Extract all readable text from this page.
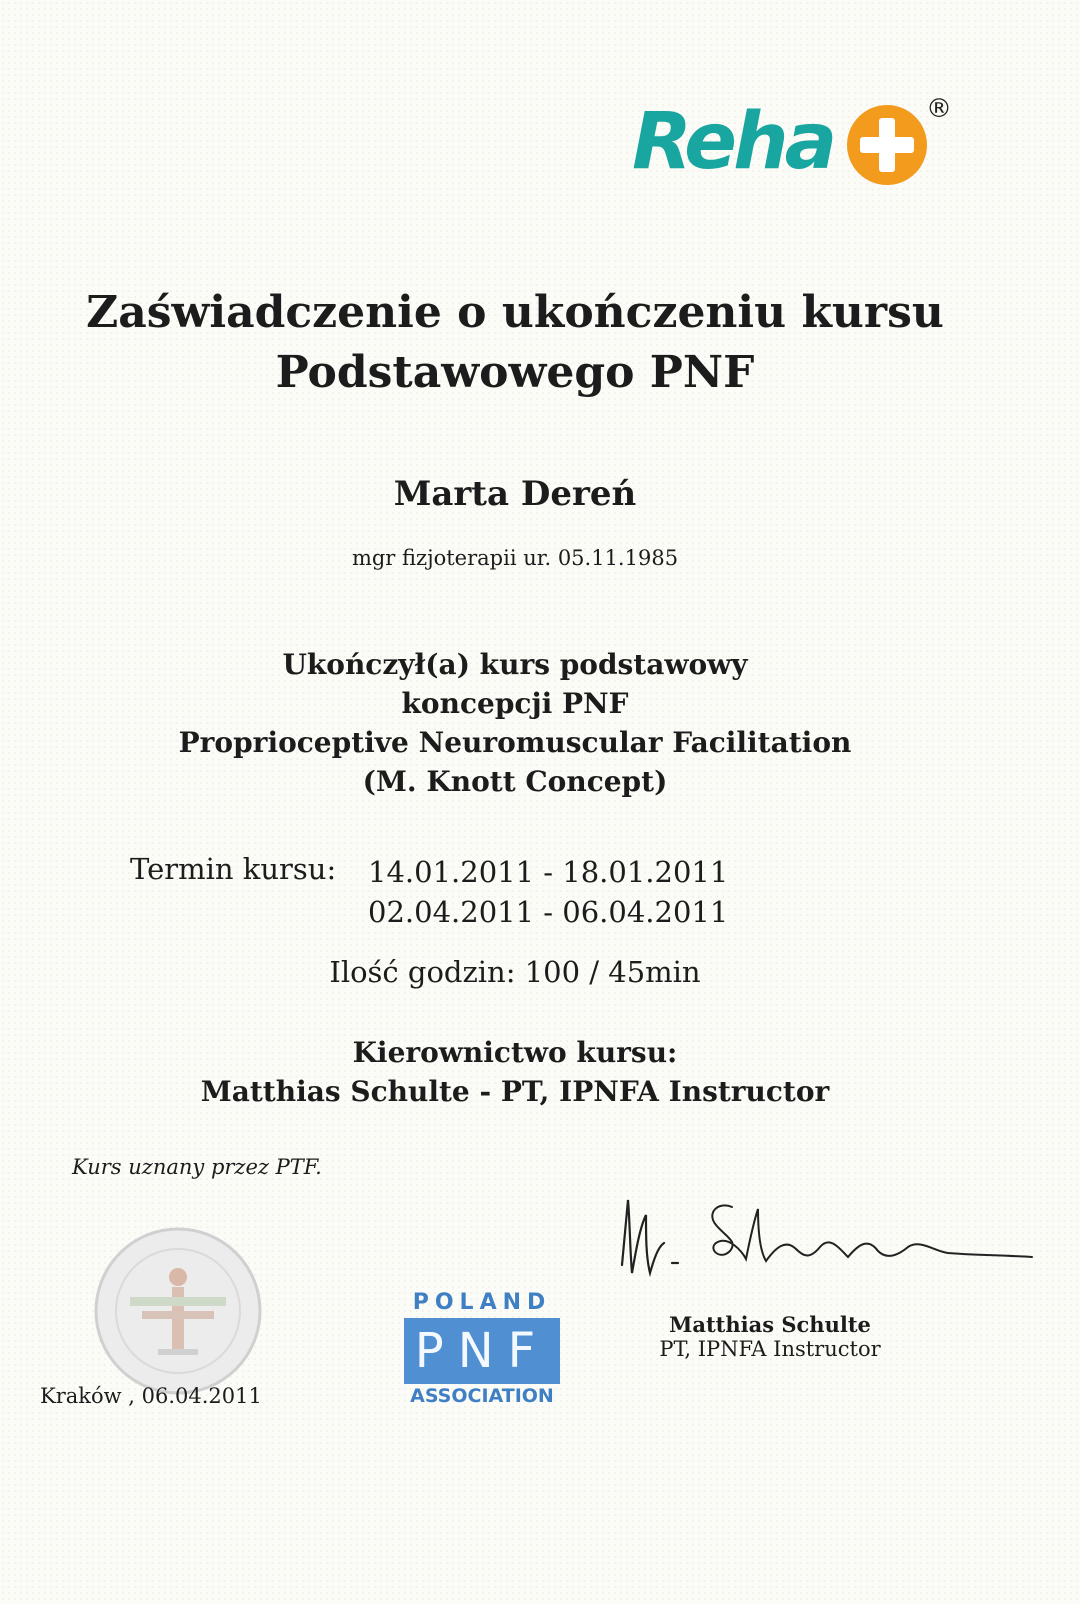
Reha	®
Zaświadczenie o ukończeniu kursu
Podstawowego PNF
Marta Dereń
mgr fizjoterapii ur. 05.11.1985
Ukończył(a) kurs podstawowy
koncepcji PNF
Proprioceptive Neuromuscular Facilitation
(M. Knott Concept)
Termin kursu: 14.01.2011 - 18.01.2011
02.04.2011 - 06.04.2011
Ilość godzin: 100 / 45min
Kierownictwo kursu:
Matthias Schulte - PT, IPNFA Instructor
Kurs uznany przez PTF.
Kraków , 06.04.2011
POLAND
PNF
ASSOCIATION
Matthias Schulte
PT, IPNFA Instructor
